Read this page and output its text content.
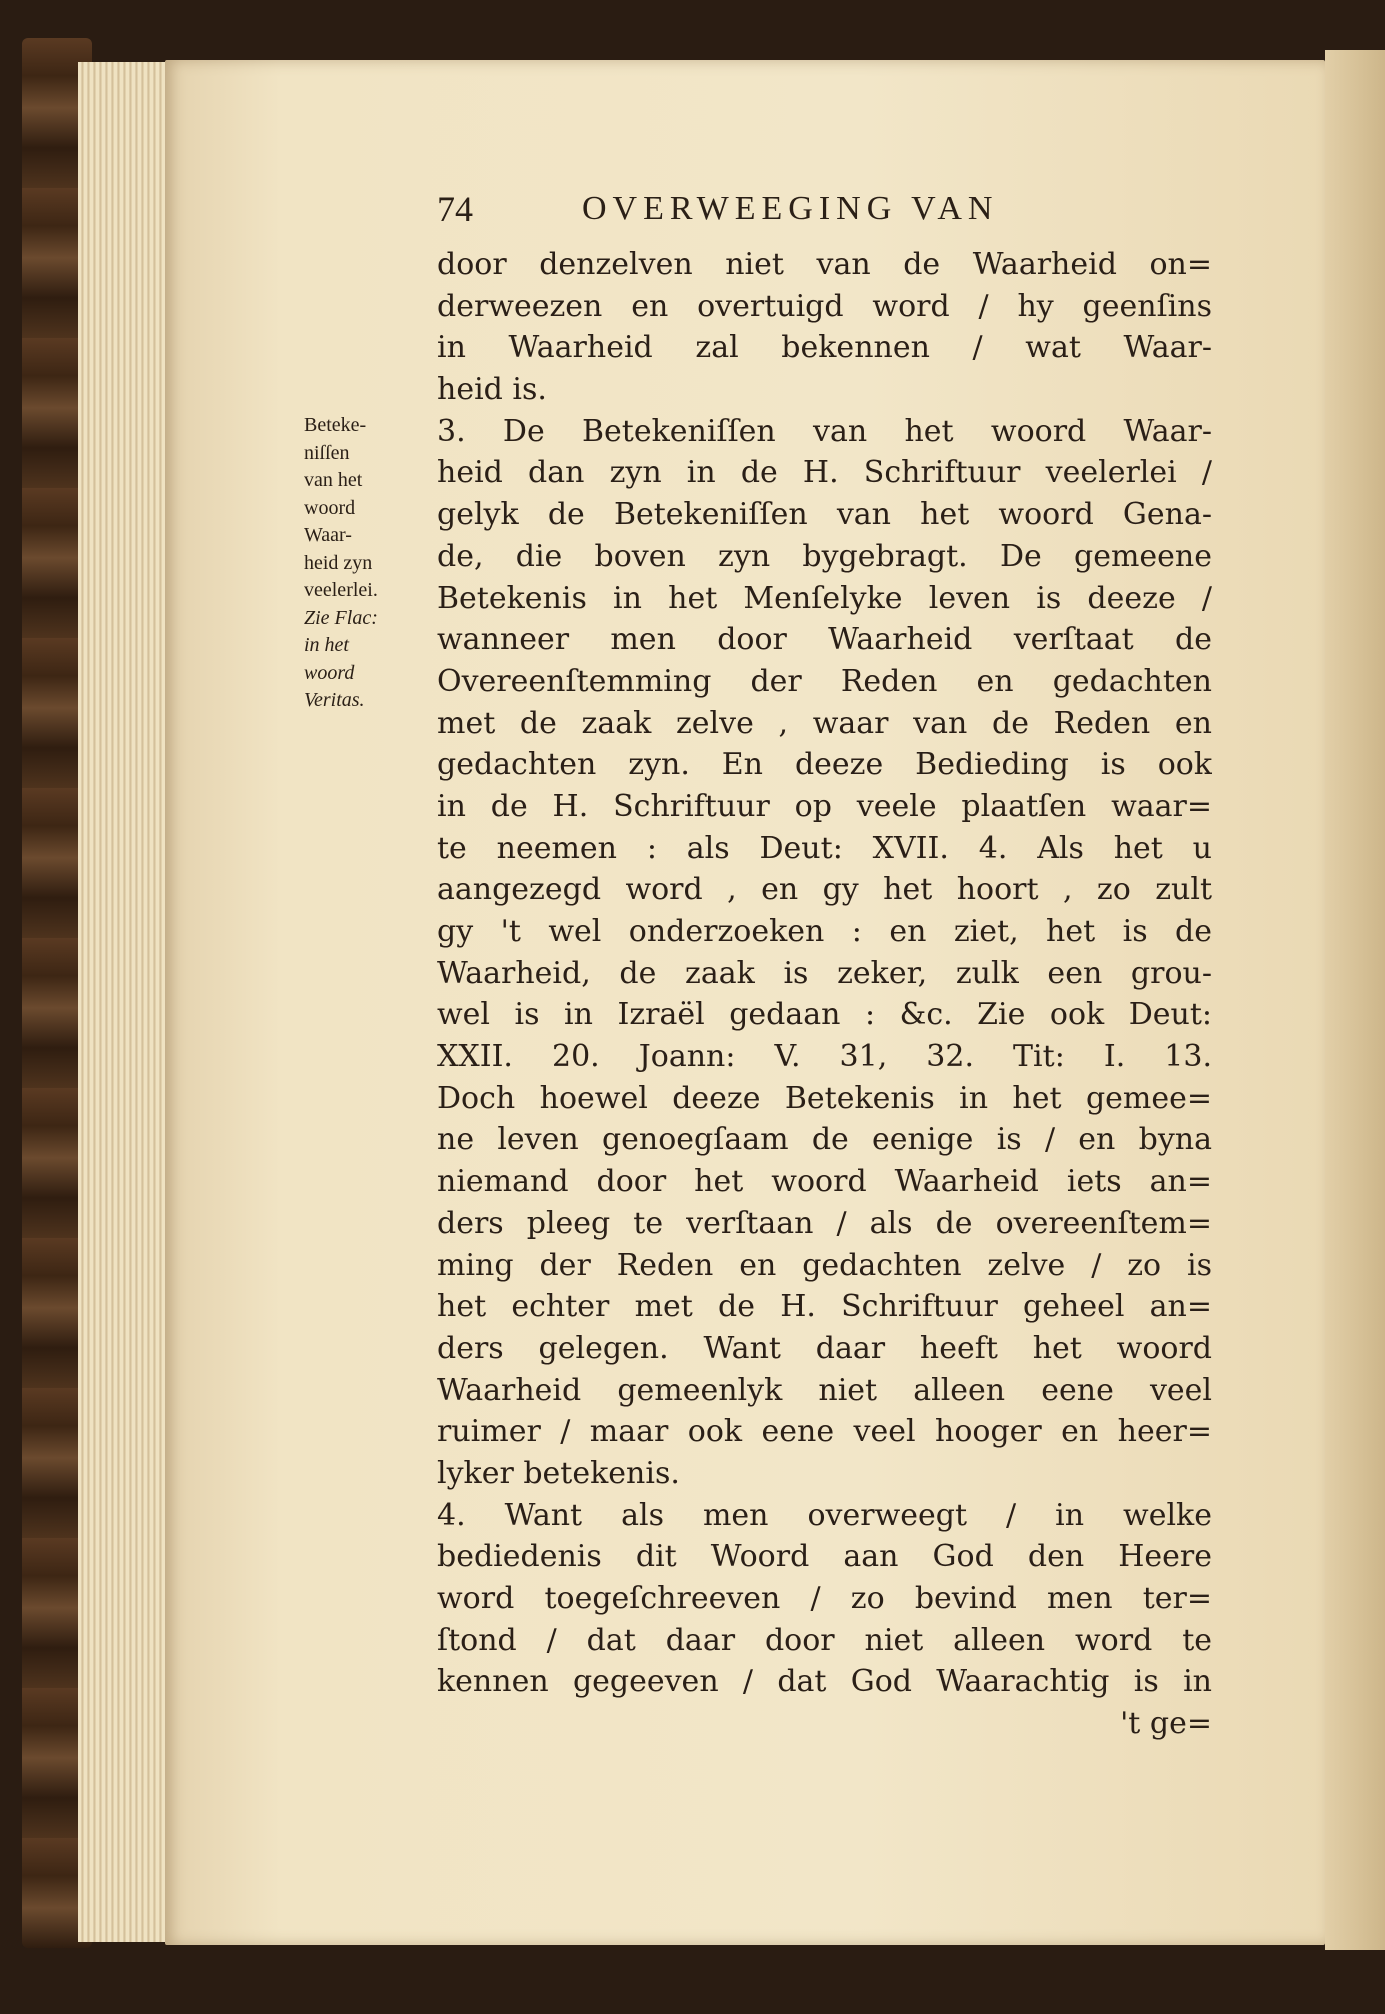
74	OVERWEEGING VAN
Beteke-
niſſen
van het
woord
Waar-
heid zyn
veelerlei.
Zie Flac:
in het
woord
Veritas.
door denzelven niet van de Waarheid on=
derweezen en overtuigd word / hy geenſins
in Waarheid zal bekennen / wat Waar-
heid is.
3. De Betekeniſſen van het woord Waar-
heid dan zyn in de H. Schriftuur veelerlei /
gelyk de Betekeniſſen van het woord Gena-
de, die boven zyn bygebragt. De gemeene
Betekenis in het Menſelyke leven is deeze /
wanneer men door Waarheid verſtaat de
Overeenſtemming der Reden en gedachten
met de zaak zelve , waar van de Reden en
gedachten zyn. En deeze Bedieding is ook
in de H. Schriftuur op veele plaatſen waar=
te neemen : als Deut: XVII. 4. Als het u
aangezegd word , en gy het hoort , zo zult
gy 't wel onderzoeken : en ziet, het is de
Waarheid, de zaak is zeker, zulk een grou-
wel is in Izraël gedaan : &c. Zie ook Deut:
XXII. 20. Joann: V. 31, 32. Tit: I. 13.
Doch hoewel deeze Betekenis in het gemee=
ne leven genoegſaam de eenige is / en byna
niemand door het woord Waarheid iets an=
ders pleeg te verſtaan / als de overeenſtem=
ming der Reden en gedachten zelve / zo is
het echter met de H. Schriftuur geheel an=
ders gelegen. Want daar heeft het woord
Waarheid gemeenlyk niet alleen eene veel
ruimer / maar ook eene veel hooger en heer=
lyker betekenis.
4. Want als men overweegt / in welke
bediedenis dit Woord aan God den Heere
word toegeſchreeven / zo bevind men ter=
ſtond / dat daar door niet alleen word te
kennen gegeeven / dat God Waarachtig is in
't ge=
